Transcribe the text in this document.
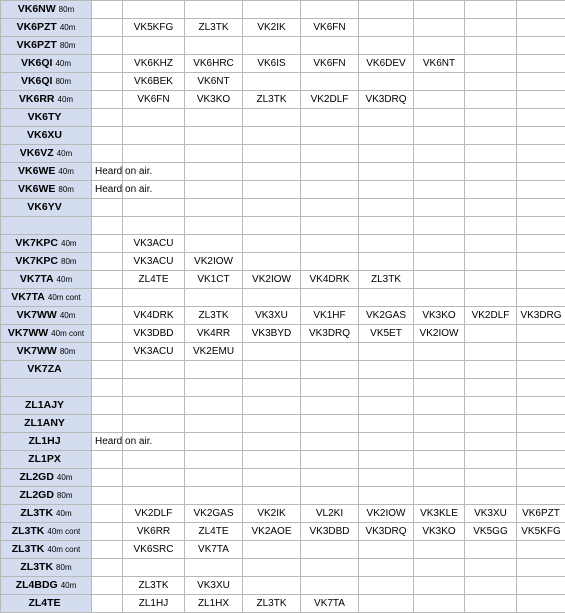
VK6NW 80m									
VK6PZT 40m		VK5KFG	ZL3TK	VK2IK	VK6FN				
VK6PZT 80m									
VK6QI 40m		VK6KHZ	VK6HRC	VK6IS	VK6FN	VK6DEV	VK6NT		
VK6QI 80m		VK6BEK	VK6NT						
VK6RR 40m		VK6FN	VK3KO	ZL3TK	VK2DLF	VK3DRQ			
VK6TY									
VK6XU									
VK6VZ 40m									
VK6WE 40m	Heard on air.								
VK6WE 80m	Heard on air.								
VK6YV									

VK7KPC 40m		VK3ACU							
VK7KPC 80m		VK3ACU	VK2IOW						
VK7TA 40m		ZL4TE	VK1CT	VK2IOW	VK4DRK	ZL3TK			
VK7TA 40m cont									
VK7WW 40m		VK4DRK	ZL3TK	VK3XU	VK1HF	VK2GAS	VK3KO	VK2DLF	VK3DRG
VK7WW 40m cont		VK3DBD	VK4RR	VK3BYD	VK3DRQ	VK5ET	VK2IOW		
VK7WW 80m		VK3ACU	VK2EMU						
VK7ZA									

ZL1AJY									
ZL1ANY									
ZL1HJ	Heard on air.								
ZL1PX									
ZL2GD 40m									
ZL2GD 80m									
ZL3TK 40m		VK2DLF	VK2GAS	VK2IK	VL2KI	VK2IOW	VK3KLE	VK3XU	VK6PZT
ZL3TK 40m cont		VK6RR	ZL4TE	VK2AOE	VK3DBD	VK3DRQ	VK3KO	VK5GG	VK5KFG
ZL3TK 40m cont		VK6SRC	VK7TA						
ZL3TK 80m									
ZL4BDG 40m		ZL3TK	VK3XU						
ZL4TE		ZL1HJ	ZL1HX	ZL3TK	VK7TA				
